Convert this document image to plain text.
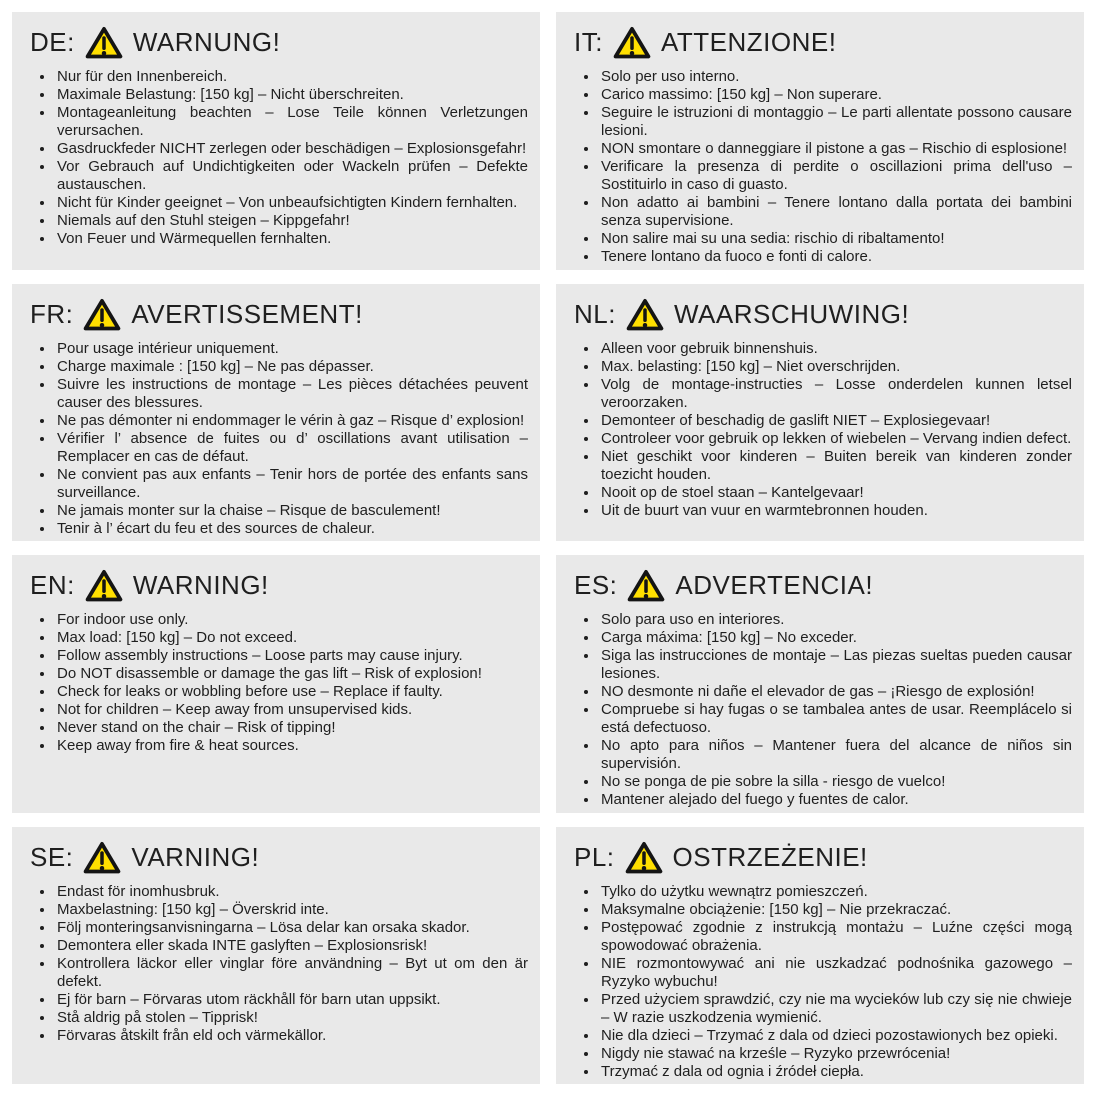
DE: WARNUNG!
• Nur für den Innenbereich.
• Maximale Belastung: [150 kg] – Nicht überschreiten.
• Montageanleitung beachten – Lose Teile können Verletzungen verursachen.
• Gasdruckfeder NICHT zerlegen oder beschädigen – Explosionsgefahr!
• Vor Gebrauch auf Undichtigkeiten oder Wackeln prüfen – Defekte austauschen.
• Nicht für Kinder geeignet – Von unbeaufsichtigten Kindern fernhalten.
• Niemals auf den Stuhl steigen – Kippgefahr!
• Von Feuer und Wärmequellen fernhalten.
IT: ATTENZIONE!
• Solo per uso interno.
• Carico massimo: [150 kg] – Non superare.
• Seguire le istruzioni di montaggio – Le parti allentate possono causare lesioni.
• NON smontare o danneggiare il pistone a gas – Rischio di esplosione!
• Verificare la presenza di perdite o oscillazioni prima dell'uso – Sostituirlo in caso di guasto.
• Non adatto ai bambini – Tenere lontano dalla portata dei bambini senza supervisione.
• Non salire mai su una sedia: rischio di ribaltamento!
• Tenere lontano da fuoco e fonti di calore.
FR: AVERTISSEMENT!
• Pour usage intérieur uniquement.
• Charge maximale : [150 kg] – Ne pas dépasser.
• Suivre les instructions de montage – Les pièces détachées peuvent causer des blessures.
• Ne pas démonter ni endommager le vérin à gaz – Risque d’ explosion!
• Vérifier l’ absence de fuites ou d’ oscillations avant utilisation – Remplacer en cas de défaut.
• Ne convient pas aux enfants – Tenir hors de portée des enfants sans surveillance.
• Ne jamais monter sur la chaise – Risque de basculement!
• Tenir à l’ écart du feu et des sources de chaleur.
NL: WAARSCHUWING!
• Alleen voor gebruik binnenshuis.
• Max. belasting: [150 kg] – Niet overschrijden.
• Volg de montage-instructies – Losse onderdelen kunnen letsel veroorzaken.
• Demonteer of beschadig de gaslift NIET – Explosiegevaar!
• Controleer voor gebruik op lekken of wiebelen – Vervang indien defect.
• Niet geschikt voor kinderen – Buiten bereik van kinderen zonder toezicht houden.
• Nooit op de stoel staan – Kantelgevaar!
• Uit de buurt van vuur en warmtebronnen houden.
EN: WARNING!
• For indoor use only.
• Max load: [150 kg] – Do not exceed.
• Follow assembly instructions – Loose parts may cause injury.
• Do NOT disassemble or damage the gas lift – Risk of explosion!
• Check for leaks or wobbling before use – Replace if faulty.
• Not for children – Keep away from unsupervised kids.
• Never stand on the chair – Risk of tipping!
• Keep away from fire & heat sources.
ES: ADVERTENCIA!
• Solo para uso en interiores.
• Carga máxima: [150 kg] – No exceder.
• Siga las instrucciones de montaje – Las piezas sueltas pueden causar lesiones.
• NO desmonte ni dañe el elevador de gas – ¡Riesgo de explosión!
• Compruebe si hay fugas o se tambalea antes de usar. Reemplácelo si está defectuoso.
• No apto para niños – Mantener fuera del alcance de niños sin supervisión.
• No se ponga de pie sobre la silla - riesgo de vuelco!
• Mantener alejado del fuego y fuentes de calor.
SE: VARNING!
• Endast för inomhusbruk.
• Maxbelastning: [150 kg] – Överskrid inte.
• Följ monteringsanvisningarna – Lösa delar kan orsaka skador.
• Demontera eller skada INTE gaslyften – Explosionsrisk!
• Kontrollera läckor eller vinglar före användning – Byt ut om den är defekt.
• Ej för barn – Förvaras utom räckhåll för barn utan uppsikt.
• Stå aldrig på stolen – Tipprisk!
• Förvaras åtskilt från eld och värmekällor.
PL: OSTRZEŻENIE!
• Tylko do użytku wewnątrz pomieszczeń.
• Maksymalne obciążenie: [150 kg] – Nie przekraczać.
• Postępować zgodnie z instrukcją montażu – Luźne części mogą spowodować obrażenia.
• NIE rozmontowywać ani nie uszkadzać podnośnika gazowego – Ryzyko wybuchu!
• Przed użyciem sprawdzić, czy nie ma wycieków lub czy się nie chwieje – W razie uszkodzenia wymienić.
• Nie dla dzieci – Trzymać z dala od dzieci pozostawionych bez opieki.
• Nigdy nie stawać na krześle – Ryzyko przewrócenia!
• Trzymać z dala od ognia i źródeł ciepła.
